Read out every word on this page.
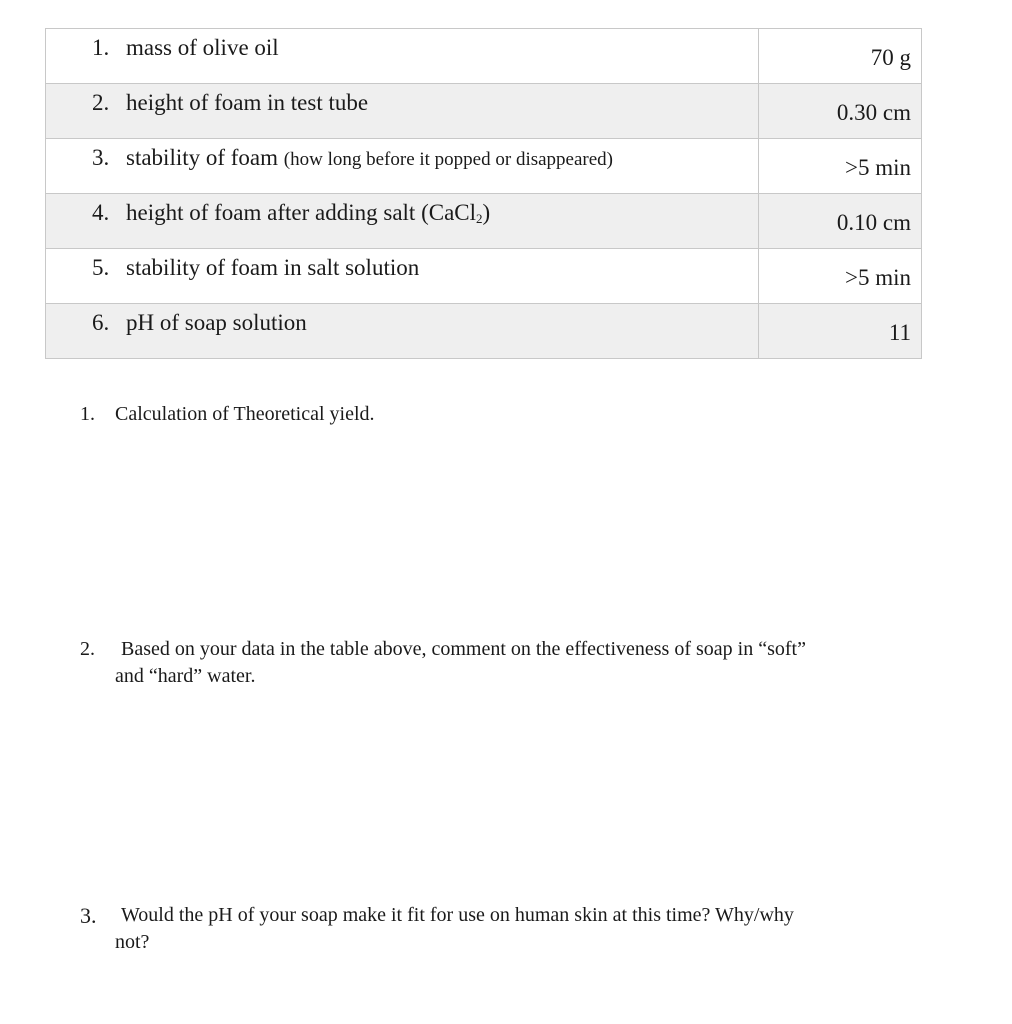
1. mass of olive oil	70 g
2. height of foam in test tube	0.30 cm
3. stability of foam (how long before it popped or disappeared)	>5 min
4. height of foam after adding salt (CaCl$_2$)	0.10 cm
5. stability of foam in salt solution	>5 min
6. pH of soap solution	11
1.	Calculation of Theoretical yield.
2.	Based on your data in the table above, comment on the effectiveness of soap in “soft”
and “hard” water.
3.	Would the pH of your soap make it fit for use on human skin at this time? Why/why
not?
